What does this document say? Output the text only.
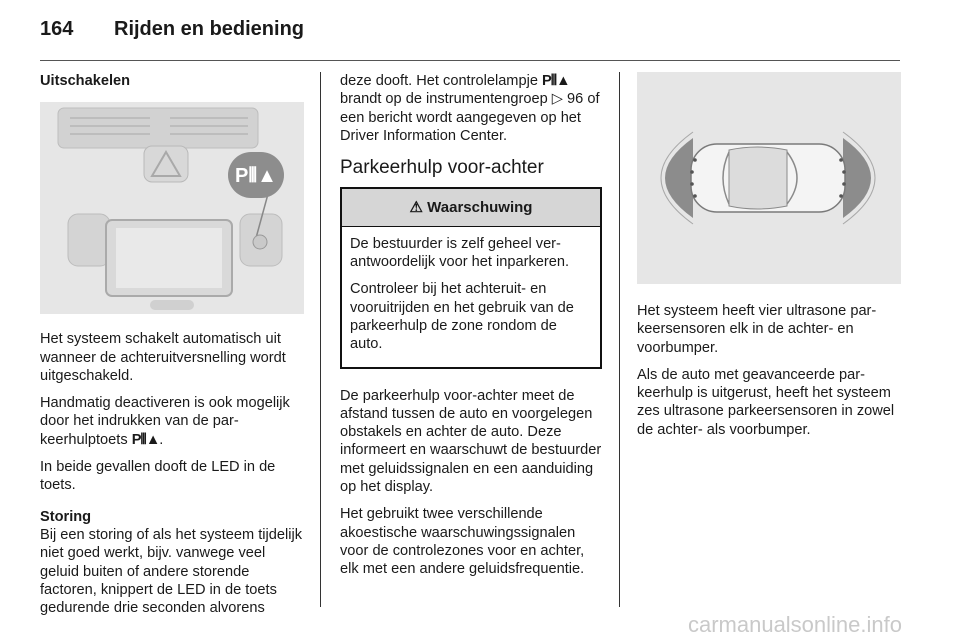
164 Rijden en bediening
Uitschakelen
P⦀▲

Het systeem schakelt automatisch uit wanneer de achteruitversnelling wordt uitgeschakeld.

Handmatig deactiveren is ook mogelijk door het indrukken van de parkeerhulptoets P⦀▲.

In beide gevallen dooft de LED in de toets.

Storing
Bij een storing of als het systeem tijdelijk niet goed werkt, bijv. vanwege veel geluid buiten of andere storende factoren, knippert de LED in de toets gedurende drie seconden alvorens

deze dooft. Het controlelampje P⦀▲ brandt op de instrumentengroep ▷ 96 of een bericht wordt aangegeven op het Driver Information Center.

Parkeerhulp voor-achter
⚠ Waarschuwing

De bestuurder is zelf geheel verantwoordelijk voor het inparkeren.

Controleer bij het achteruit- en vooruitrijden en het gebruik van de parkeerhulp de zone rondom de auto.

De parkeerhulp voor-achter meet de afstand tussen de auto en voorgelegen obstakels en achter de auto. Deze informeert en waarschuwt de bestuurder met geluidssignalen en een aanduiding op het display.

Het gebruikt twee verschillende akoestische waarschuwingssignalen voor de controlezones voor en achter, elk met een andere geluidsfrequentie.

Het systeem heeft vier ultrasone parkeersensoren elk in de achter- en voorbumper.

Als de auto met geavanceerde parkeerhulp is uitgerust, heeft het systeem zes ultrasone parkeersensoren in zowel de achter- als voorbumper.

carmanualsonline.info
